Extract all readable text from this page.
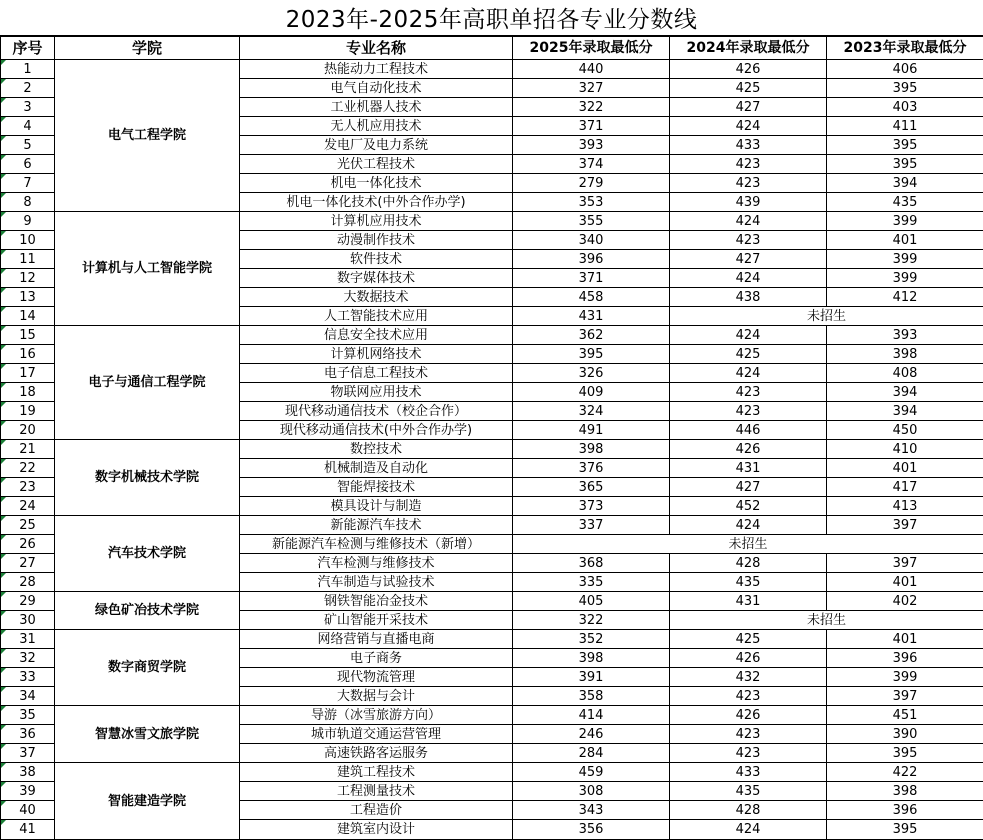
2023年-2025年高职单招各专业分数线
序号	学院	专业名称	2025年录取最低分	2024年录取最低分	2023年录取最低分
1	电气工程学院	热能动力工程技术	440	426	406
2		电气自动化技术	327	425	395
3		工业机器人技术	322	427	403
4		无人机应用技术	371	424	411
5		发电厂及电力系统	393	433	395
6		光伏工程技术	374	423	395
7		机电一体化技术	279	423	394
8		机电一体化技术(中外合作办学)	353	439	435
9	计算机与人工智能学院	计算机应用技术	355	424	399
10		动漫制作技术	340	423	401
11		软件技术	396	427	399
12		数字媒体技术	371	424	399
13		大数据技术	458	438	412
14		人工智能技术应用	431	未招生	
15	电子与通信工程学院	信息安全技术应用	362	424	393
16		计算机网络技术	395	425	398
17		电子信息工程技术	326	424	408
18		物联网应用技术	409	423	394
19		现代移动通信技术（校企合作）	324	423	394
20		现代移动通信技术(中外合作办学)	491	446	450
21	数字机械技术学院	数控技术	398	426	410
22		机械制造及自动化	376	431	401
23		智能焊接技术	365	427	417
24		模具设计与制造	373	452	413
25	汽车技术学院	新能源汽车技术	337	424	397
26		新能源汽车检测与维修技术（新增）	未招生		
27		汽车检测与维修技术	368	428	397
28		汽车制造与试验技术	335	435	401
29	绿色矿冶技术学院	钢铁智能冶金技术	405	431	402
30		矿山智能开采技术	322	未招生	
31	数字商贸学院	网络营销与直播电商	352	425	401
32		电子商务	398	426	396
33		现代物流管理	391	432	399
34		大数据与会计	358	423	397
35	智慧冰雪文旅学院	导游（冰雪旅游方向）	414	426	451
36		城市轨道交通运营管理	246	423	390
37		高速铁路客运服务	284	423	395
38	智能建造学院	建筑工程技术	459	433	422
39		工程测量技术	308	435	398
40		工程造价	343	428	396
41		建筑室内设计	356	424	395
